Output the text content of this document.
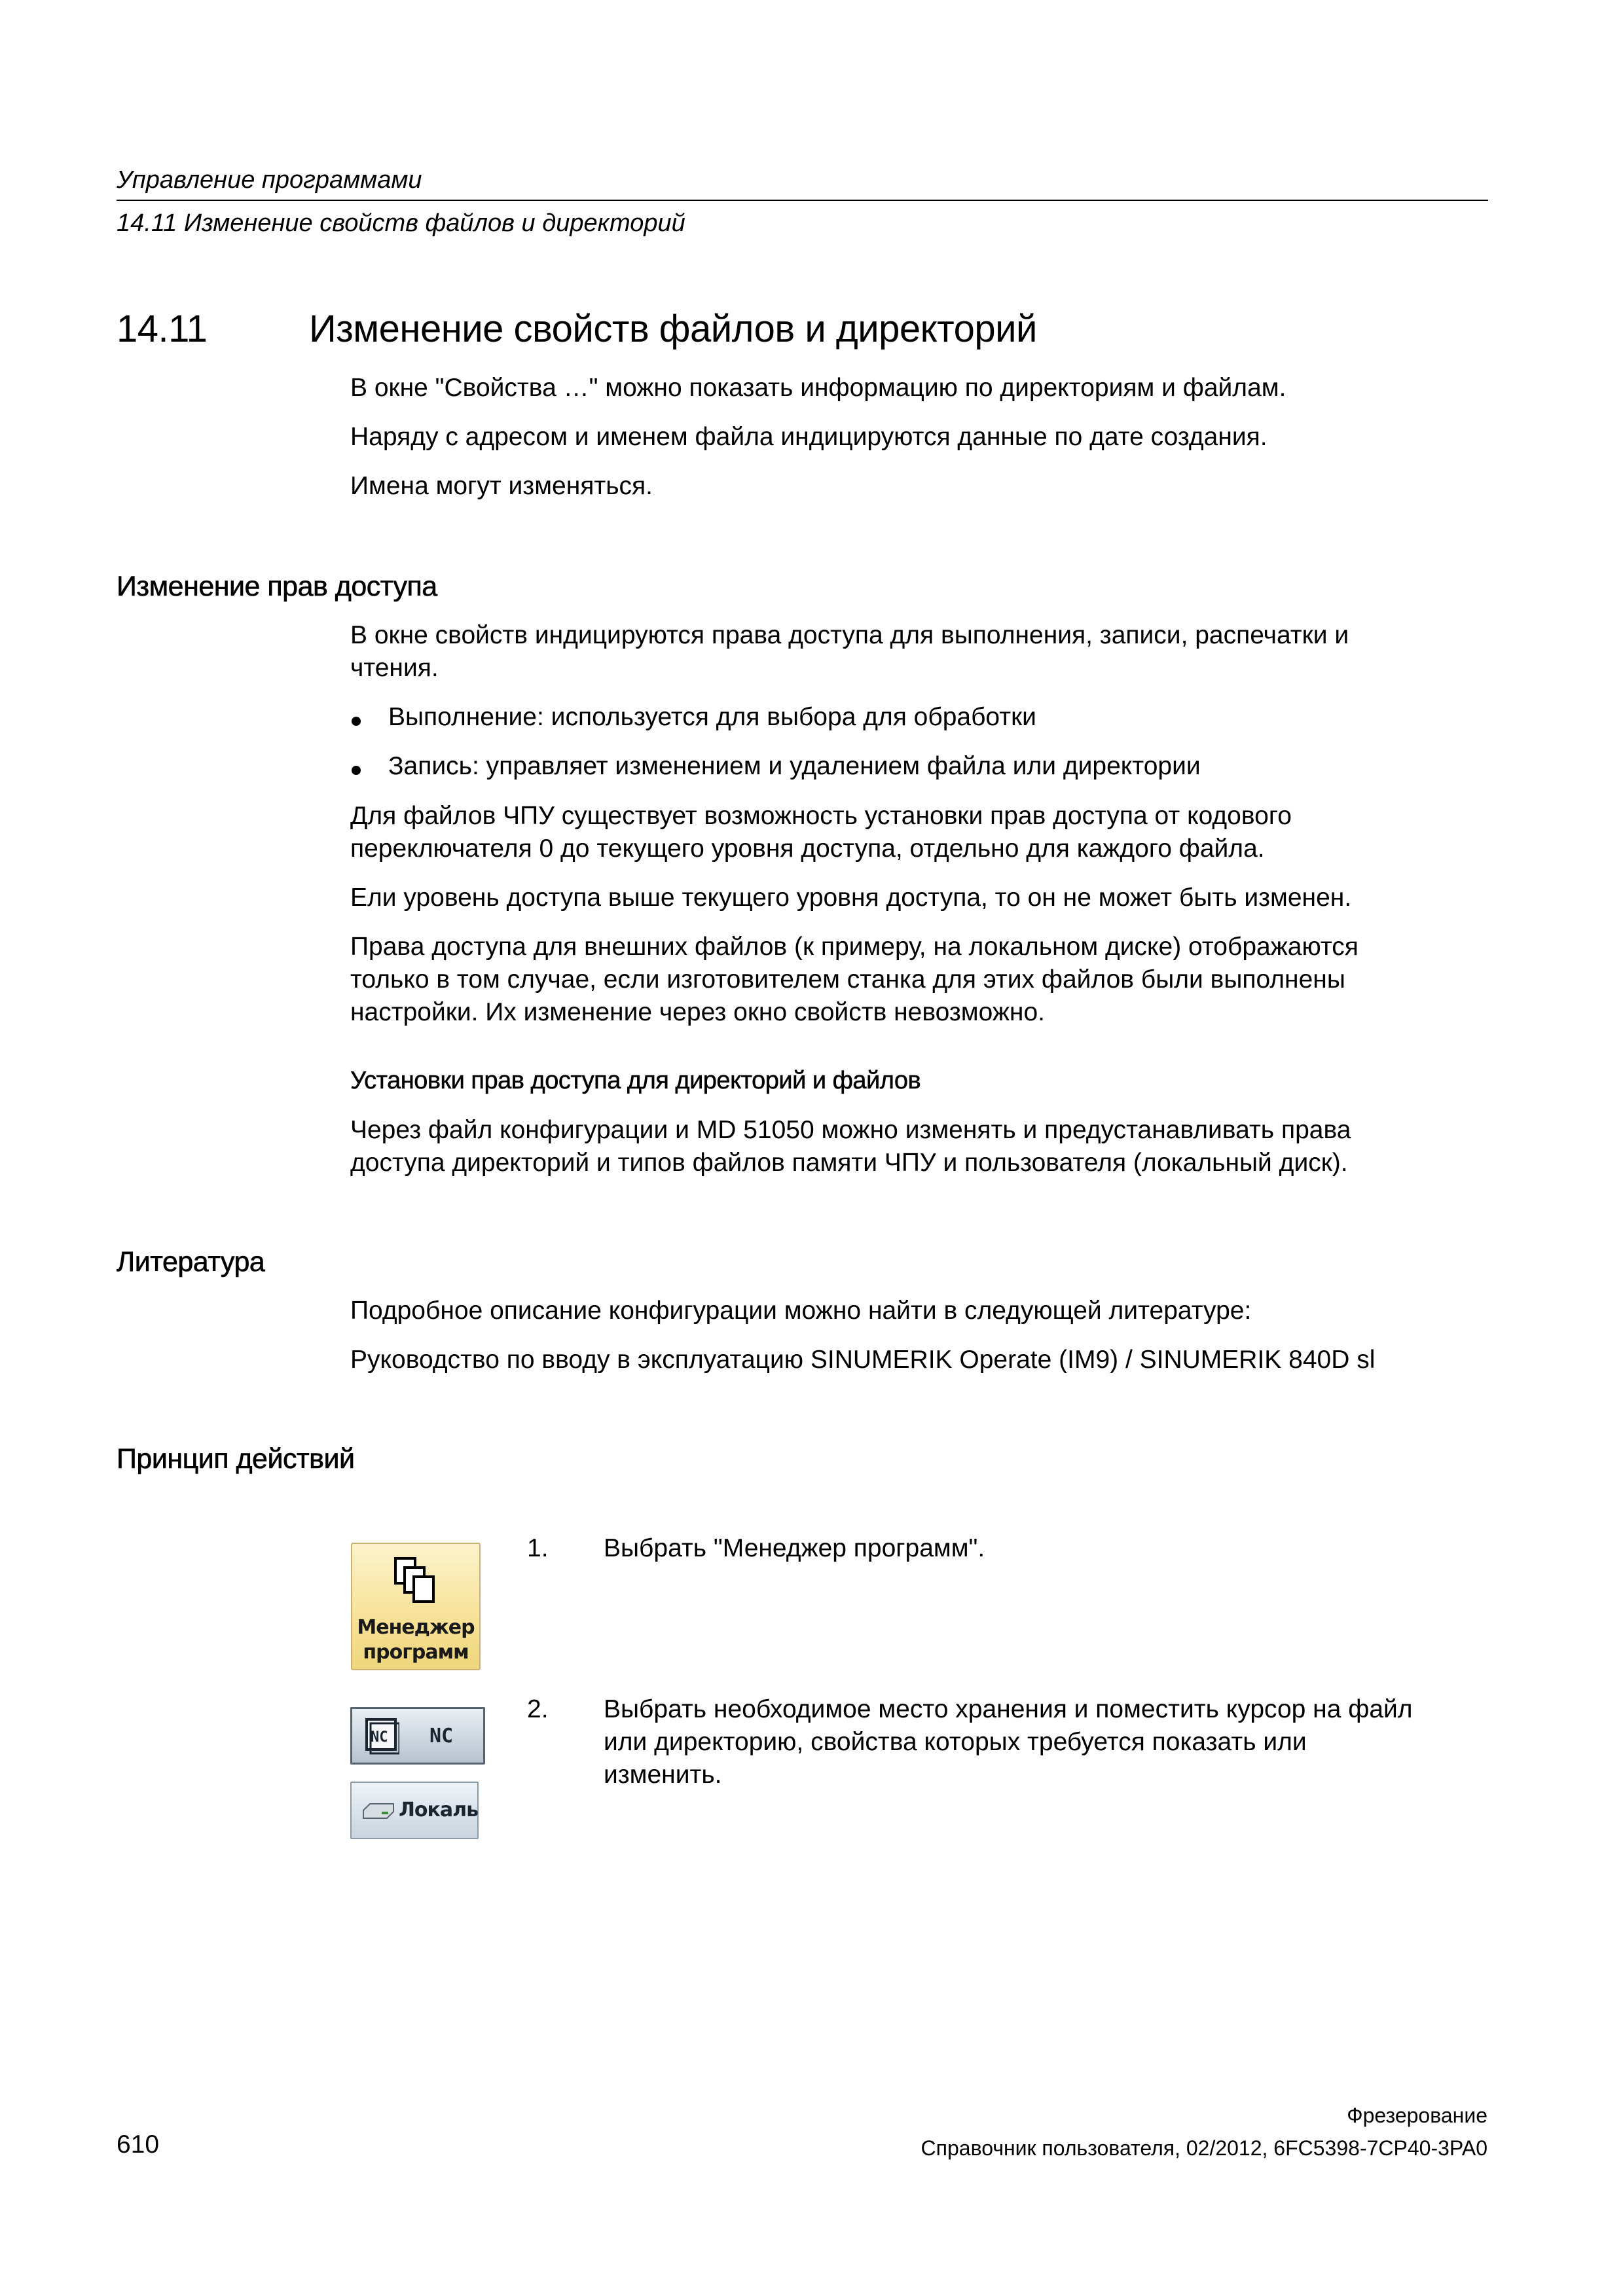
Управление программами
14.11 Изменение свойств файлов и директорий
14.11	Изменение свойств файлов и директорий
В окне "Свойства …" можно показать информацию по директориям и файлам.
Наряду с адресом и именем файла индицируются данные по дате создания.
Имена могут изменяться.
Изменение прав доступа
В окне свойств индицируются права доступа для выполнения, записи, распечатки и
чтения.
Выполнение: используется для выбора для обработки
Запись: управляет изменением и удалением файла или директории
Для файлов ЧПУ существует возможность установки прав доступа от кодового
переключателя 0 до текущего уровня доступа, отдельно для каждого файла.
Ели уровень доступа выше текущего уровня доступа, то он не может быть изменен.
Права доступа для внешних файлов (к примеру, на локальном диске) отображаются
только в том случае, если изготовителем станка для этих файлов были выполнены
настройки. Их изменение через окно свойств невозможно.
Установки прав доступа для директорий и файлов
Через файл конфигурации и MD 51050 можно изменять и предустанавливать права
доступа директорий и типов файлов памяти ЧПУ и пользователя (локальный диск).
Литература
Подробное описание конфигурации можно найти в следующей литературе:
Руководство по вводу в эксплуатацию SINUMERIK Operate (IM9) / SINUMERIK 840D sl
Принцип действий
Менеджер
программ
1. Выбрать "Менеджер программ".
NC NC
Локаль
2. Выбрать необходимое место хранения и поместить курсор на файл
или директорию, свойства которых требуется показать или
изменить.
Фрезерование
610	Справочник пользователя, 02/2012, 6FC5398-7CP40-3PA0
